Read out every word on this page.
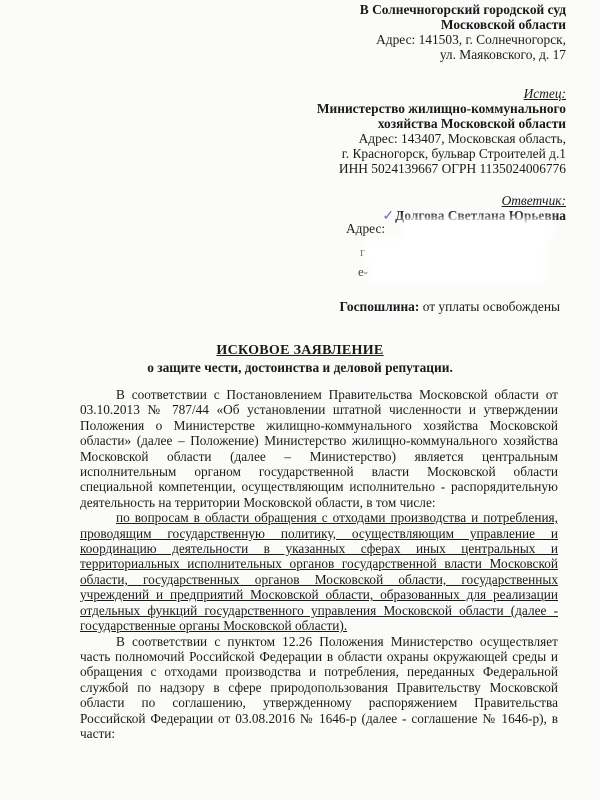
В Солнечногорский городской суд
Московской области
Адрес: 141503, г. Солнечногорск,
ул. Маяковского, д. 17
Истец:
Министерство жилищно-коммунального
хозяйства Московской области
Адрес: 143407, Московская область,
г. Красногорск, бульвар Строителей д.1
ИНН 5024139667 ОГРН 1135024006776
Ответчик:
✓Долгова Светлана Юрьевна
Адрес:
г
e-
Госпошлина: от уплаты освобождены
ИСКОВОЕ ЗАЯВЛЕНИЕ
о защите чести, достоинства и деловой репутации.

В соответствии с Постановлением Правительства Московской области от 03.10.2013 № 787/44 «Об установлении штатной численности и утверждении Положения о Министерстве жилищно-коммунального хозяйства Московской области» (далее – Положение) Министерство жилищно-коммунального хозяйства Московской области (далее – Министерство) является центральным исполнительным органом государственной власти Московской области специальной компетенции, осуществляющим исполнительно - распорядительную деятельность на территории Московской области, в том числе:

по вопросам в области обращения с отходами производства и потребления, проводящим государственную политику, осуществляющим управление и координацию деятельности в указанных сферах иных центральных и территориальных исполнительных органов государственной власти Московской области, государственных органов Московской области, государственных учреждений и предприятий Московской области, образованных для реализации отдельных функций государственного управления Московской области (далее - государственные органы Московской области).

В соответствии с пунктом 12.26 Положения Министерство осуществляет часть полномочий Российской Федерации в области охраны окружающей среды и обращения с отходами производства и потребления, переданных Федеральной службой по надзору в сфере природопользования Правительству Московской области по соглашению, утвержденному распоряжением Правительства Российской Федерации от 03.08.2016 № 1646-р (далее - соглашение № 1646-р), в части:
